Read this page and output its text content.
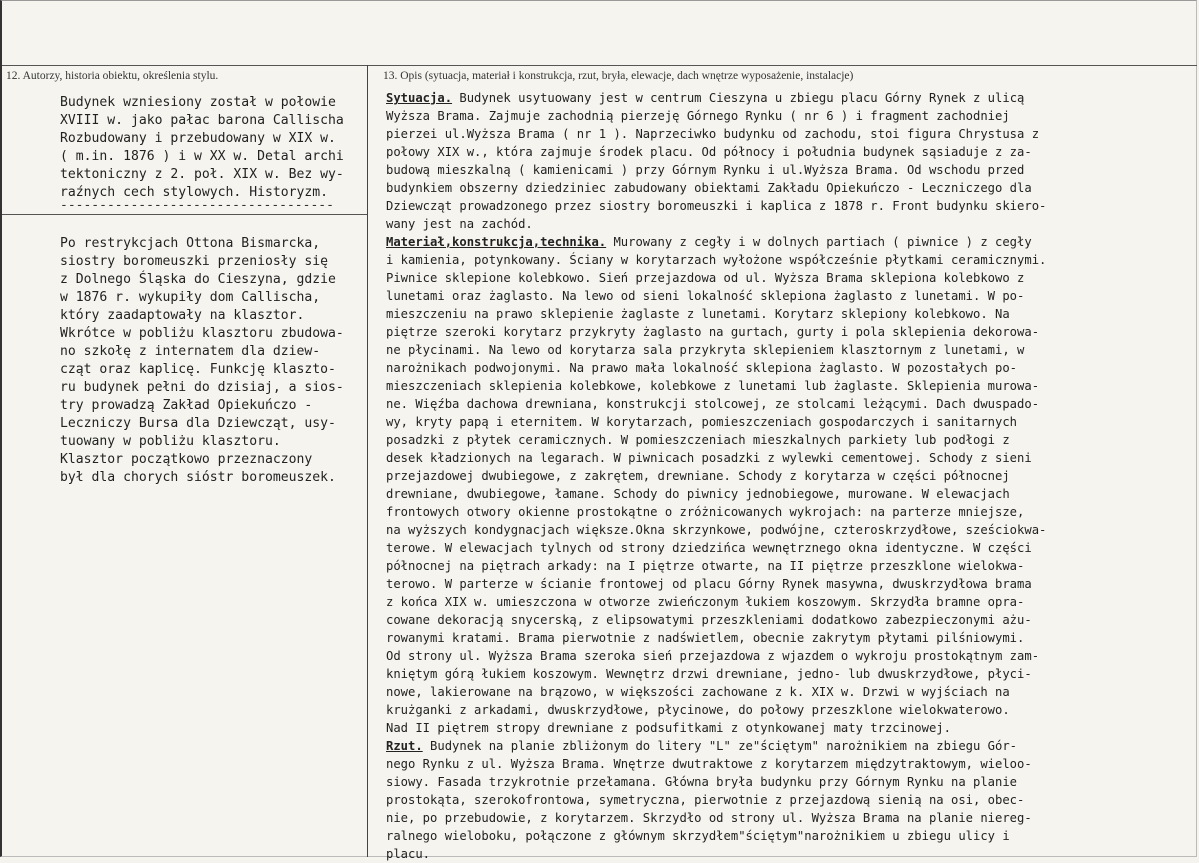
12. Autorzy, historia obiektu, określenia stylu.	13. Opis (sytuacja, materiał i konstrukcja, rzut, bryła, elewacje, dach wnętrze wyposażenie, instalacje)
Budynek wzniesiony został w połowie
XVIII w. jako pałac barona Callischa
Rozbudowany i przebudowany w XIX w.
( m.in. 1876 ) i w XX w. Detal archi
tektoniczny z 2. poł. XIX w. Bez wy-
raźnych cech stylowych. Historyzm.
-----------------------------------
Po restrykcjach Ottona Bismarcka,
siostry boromeuszki przeniosły się
z Dolnego Śląska do Cieszyna, gdzie
w 1876 r. wykupiły dom Callischa,
który zaadaptowały na klasztor.
Wkrótce w pobliżu klasztoru zbudowa-
no szkołę z internatem dla dziew-
cząt oraz kaplicę. Funkcję klaszto-
ru budynek pełni do dzisiaj, a sios-
try prowadzą Zakład Opiekuńczo -
Leczniczy Bursa dla Dziewcząt, usy-
tuowany w pobliżu klasztoru.
Klasztor początkowo przeznaczony
był dla chorych sióstr boromeuszek.
Sytuacja. Budynek usytuowany jest w centrum Cieszyna u zbiegu placu Górny Rynek z ulicą
Wyższa Brama. Zajmuje zachodnią pierzeję Górnego Rynku ( nr 6 ) i fragment zachodniej
pierzei ul.Wyższa Brama ( nr 1 ). Naprzeciwko budynku od zachodu, stoi figura Chrystusa z
połowy XIX w., która zajmuje środek placu. Od północy i południa budynek sąsiaduje z za-
budową mieszkalną ( kamienicami ) przy Górnym Rynku i ul.Wyższa Brama. Od wschodu przed
budynkiem obszerny dziedziniec zabudowany obiektami Zakładu Opiekuńczo - Leczniczego dla
Dziewcząt prowadzonego przez siostry boromeuszki i kaplica z 1878 r. Front budynku skiero-
wany jest na zachód.
Materiał,konstrukcja,technika. Murowany z cegły i w dolnych partiach ( piwnice ) z cegły
i kamienia, potynkowany. Ściany w korytarzach wyłożone współcześnie płytkami ceramicznymi.
Piwnice sklepione kolebkowo. Sień przejazdowa od ul. Wyższa Brama sklepiona kolebkowo z
lunetami oraz żaglasto. Na lewo od sieni lokalność sklepiona żaglasto z lunetami. W po-
mieszczeniu na prawo sklepienie żaglaste z lunetami. Korytarz sklepiony kolebkowo. Na
piętrze szeroki korytarz przykryty żaglasto na gurtach, gurty i pola sklepienia dekorowa-
ne płycinami. Na lewo od korytarza sala przykryta sklepieniem klasztornym z lunetami, w
narożnikach podwojonymi. Na prawo mała lokalność sklepiona żaglasto. W pozostałych po-
mieszczeniach sklepienia kolebkowe, kolebkowe z lunetami lub żaglaste. Sklepienia murowa-
ne. Więźba dachowa drewniana, konstrukcji stolcowej, ze stolcami leżącymi. Dach dwuspado-
wy, kryty papą i eternitem. W korytarzach, pomieszczeniach gospodarczych i sanitarnych
posadzki z płytek ceramicznych. W pomieszczeniach mieszkalnych parkiety lub podłogi z
desek kładzionych na legarach. W piwnicach posadzki z wylewki cementowej. Schody z sieni
przejazdowej dwubiegowe, z zakrętem, drewniane. Schody z korytarza w części północnej
drewniane, dwubiegowe, łamane. Schody do piwnicy jednobiegowe, murowane. W elewacjach
frontowych otwory okienne prostokątne o zróżnicowanych wykrojach: na parterze mniejsze,
na wyższych kondygnacjach większe.Okna skrzynkowe, podwójne, czteroskrzydłowe, sześciokwa-
terowe. W elewacjach tylnych od strony dziedzińca wewnętrznego okna identyczne. W części
północnej na piętrach arkady: na I piętrze otwarte, na II piętrze przeszklone wielokwa-
terowo. W parterze w ścianie frontowej od placu Górny Rynek masywna, dwuskrzydłowa brama
z końca XIX w. umieszczona w otworze zwieńczonym łukiem koszowym. Skrzydła bramne opra-
cowane dekoracją snycerską, z elipsowatymi przeszkleniami dodatkowo zabezpieczonymi ażu-
rowanymi kratami. Brama pierwotnie z nadświetlem, obecnie zakrytym płytami pilśniowymi.
Od strony ul. Wyższa Brama szeroka sień przejazdowa z wjazdem o wykroju prostokątnym zam-
kniętym górą łukiem koszowym. Wewnętrz drzwi drewniane, jedno- lub dwuskrzydłowe, płyci-
nowe, lakierowane na brązowo, w większości zachowane z k. XIX w. Drzwi w wyjściach na
krużganki z arkadami, dwuskrzydłowe, płycinowe, do połowy przeszklone wielokwaterowo.
Nad II piętrem stropy drewniane z podsufitkami z otynkowanej maty trzcinowej.
Rzut. Budynek na planie zbliżonym do litery "L" ze"ściętym" narożnikiem na zbiegu Gór-
nego Rynku z ul. Wyższa Brama. Wnętrze dwutraktowe z korytarzem międzytraktowym, wieloo-
siowy. Fasada trzykrotnie przełamana. Główna bryła budynku przy Górnym Rynku na planie
prostokąta, szerokofrontowa, symetryczna, pierwotnie z przejazdową sienią na osi, obec-
nie, po przebudowie, z korytarzem. Skrzydło od strony ul. Wyższa Brama na planie niereg-
ralnego wieloboku, połączone z głównym skrzydłem"ściętym"narożnikiem u zbiegu ulicy i
placu.
